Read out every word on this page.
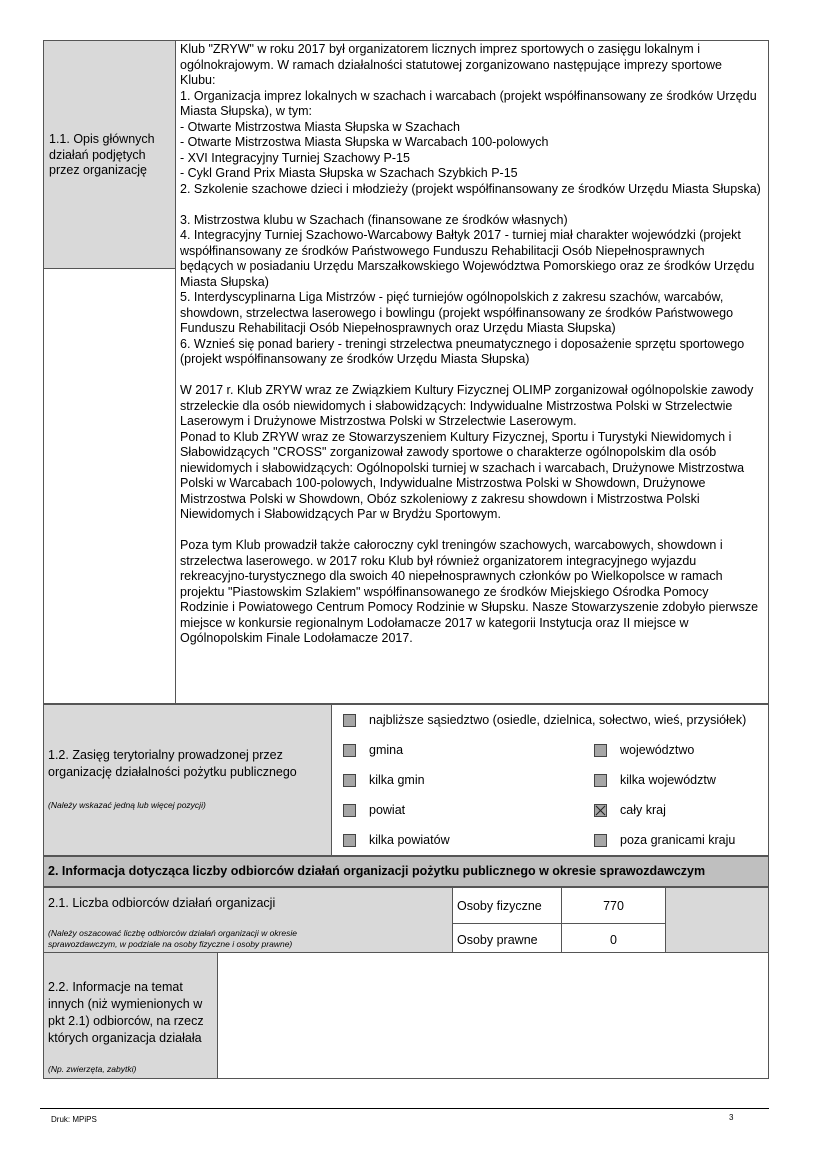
1.1. Opis głównych działań podjętych przez organizację
Klub "ZRYW" w roku 2017 był organizatorem licznych imprez sportowych o zasięgu lokalnym i
ogólnokrajowym. W ramach działalności statutowej zorganizowano następujące imprezy sportowe
Klubu:
1. Organizacja imprez lokalnych w szachach i warcabach (projekt współfinansowany ze środków Urzędu
Miasta Słupska), w tym:
- Otwarte Mistrzostwa Miasta Słupska w Szachach
- Otwarte Mistrzostwa Miasta Słupska w Warcabach 100-polowych
- XVI Integracyjny Turniej Szachowy P-15
- Cykl Grand Prix Miasta Słupska w Szachach Szybkich P-15
2. Szkolenie szachowe dzieci i młodzieży (projekt współfinansowany ze środków Urzędu Miasta Słupska)
3. Mistrzostwa klubu w Szachach (finansowane ze środków własnych)
4. Integracyjny Turniej Szachowo-Warcabowy Bałtyk 2017 - turniej miał charakter wojewódzki (projekt
współfinansowany ze środków Państwowego Funduszu Rehabilitacji Osób Niepełnosprawnych
będących w posiadaniu Urzędu Marszałkowskiego Województwa Pomorskiego oraz ze środków Urzędu
Miasta Słupska)
5. Interdyscyplinarna Liga Mistrzów - pięć turniejów ogólnopolskich z zakresu szachów, warcabów,
showdown, strzelectwa laserowego i bowlingu (projekt współfinansowany ze środków Państwowego
Funduszu Rehabilitacji Osób Niepełnosprawnych oraz Urzędu Miasta Słupska)
6. Wznieś się ponad bariery - treningi strzelectwa pneumatycznego i doposażenie sprzętu sportowego
(projekt współfinansowany ze środków Urzędu Miasta Słupska)
W 2017 r. Klub ZRYW wraz ze Związkiem Kultury Fizycznej OLIMP zorganizował ogólnopolskie zawody
strzeleckie dla osób niewidomych i słabowidzących: Indywidualne Mistrzostwa Polski w Strzelectwie
Laserowym i Drużynowe Mistrzostwa Polski w Strzelectwie Laserowym.
Ponad to Klub ZRYW wraz ze Stowarzyszeniem Kultury Fizycznej, Sportu i Turystyki Niewidomych i
Słabowidzących "CROSS" zorganizował zawody sportowe o charakterze ogólnopolskim dla osób
niewidomych i słabowidzących: Ogólnopolski turniej w szachach i warcabach, Drużynowe Mistrzostwa
Polski w Warcabach 100-polowych, Indywidualne Mistrzostwa Polski w Showdown, Drużynowe
Mistrzostwa Polski w Showdown, Obóz szkoleniowy z zakresu showdown i Mistrzostwa Polski
Niewidomych i Słabowidzących Par w Brydżu Sportowym.
Poza tym Klub prowadził także całoroczny cykl treningów szachowych, warcabowych, showdown i
strzelectwa laserowego. w 2017 roku Klub był również organizatorem integracyjnego wyjazdu
rekreacyjno-turystycznego dla swoich 40 niepełnosprawnych członków po Wielkopolsce w ramach
projektu "Piastowskim Szlakiem" współfinansowanego ze środków Miejskiego Ośrodka Pomocy
Rodzinie i Powiatowego Centrum Pomocy Rodzinie w Słupsku. Nasze Stowarzyszenie zdobyło pierwsze
miejsce w konkursie regionalnym Lodołamacze 2017 w kategorii Instytucja oraz II miejsce w
Ogólnopolskim Finale Lodołamacze 2017.
1.2. Zasięg terytorialny prowadzonej przez
organizację działalności pożytku publicznego
(Należy wskazać jedną lub więcej pozycji)
najbliższe sąsiedztwo (osiedle, dzielnica, sołectwo, wieś, przysiółek)
gmina	województwo
kilka gmin	kilka województw
powiat	cały kraj
kilka powiatów	poza granicami kraju
2. Informacja dotycząca liczby odbiorców działań organizacji pożytku publicznego w okresie sprawozdawczym
2.1. Liczba odbiorców działań organizacji
(Należy oszacować liczbę odbiorców działań organizacji w okresie
sprawozdawczym, w podziale na osoby fizyczne i osoby prawne)
Osoby fizyczne	770
Osoby prawne	0
2.2. Informacje na temat
innych (niż wymienionych w
pkt 2.1) odbiorców, na rzecz
których organizacja działała
(Np. zwierzęta, zabytki)
Druk: MPiPS	3
